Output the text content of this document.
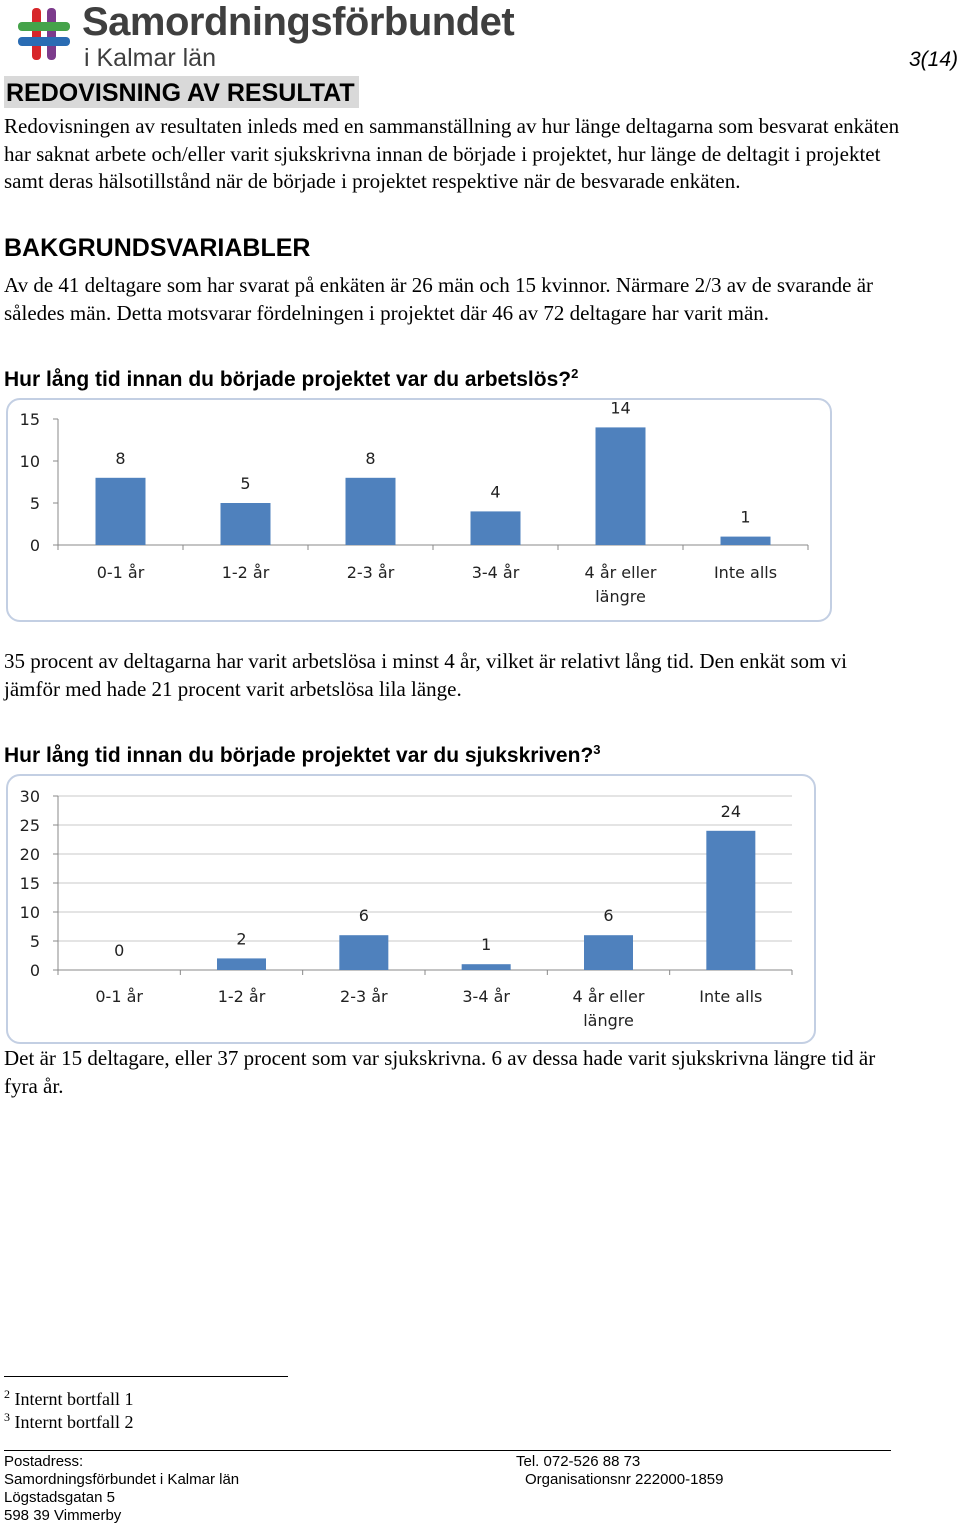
Samordningsförbundet
i Kalmar län	3(14)
REDOVISNING AV RESULTAT
Redovisningen av resultaten inleds med en sammanställning av hur länge deltagarna som besvarat enkäten har saknat arbete och/eller varit sjukskrivna innan de började i projektet, hur länge de deltagit i projektet samt deras hälsotillstånd när de började i projektet respektive när de besvarade enkäten.
BAKGRUNDSVARIABLER
Av de 41 deltagare som har svarat på enkäten är 26 män och 15 kvinnor. Närmare 2/3 av de svarande är således män. Detta motsvarar fördelningen i projektet där 46 av 72 deltagare har varit män.
Hur lång tid innan du började projektet var du arbetslös?$^2$
0
5
10
15
8
0-1 år
5
1-2 år
8
2-3 år
4
3-4 år
14
4 år eller
längre
1
Inte alls
35 procent av deltagarna har varit arbetslösa i minst 4 år, vilket är relativt lång tid. Den enkät som vi jämför med hade 21 procent varit arbetslösa lila länge.
Hur lång tid innan du började projektet var du sjukskriven?$^3$
0
5
10
15
20
25
30
0
0-1 år
2
1-2 år
6
2-3 år
1
3-4 år
6
4 år eller
längre
24
Inte alls
Det är 15 deltagare, eller 37 procent som var sjukskrivna. 6 av dessa hade varit sjukskrivna längre tid är fyra år.
$^2$ Internt bortfall 1
$^3$ Internt bortfall 2
Postadress:
Samordningsförbundet i Kalmar län
Lögstadsgatan 5
598 39 Vimmerby
Tel. 072-526 88 73
Organisationsnr 222000-1859
